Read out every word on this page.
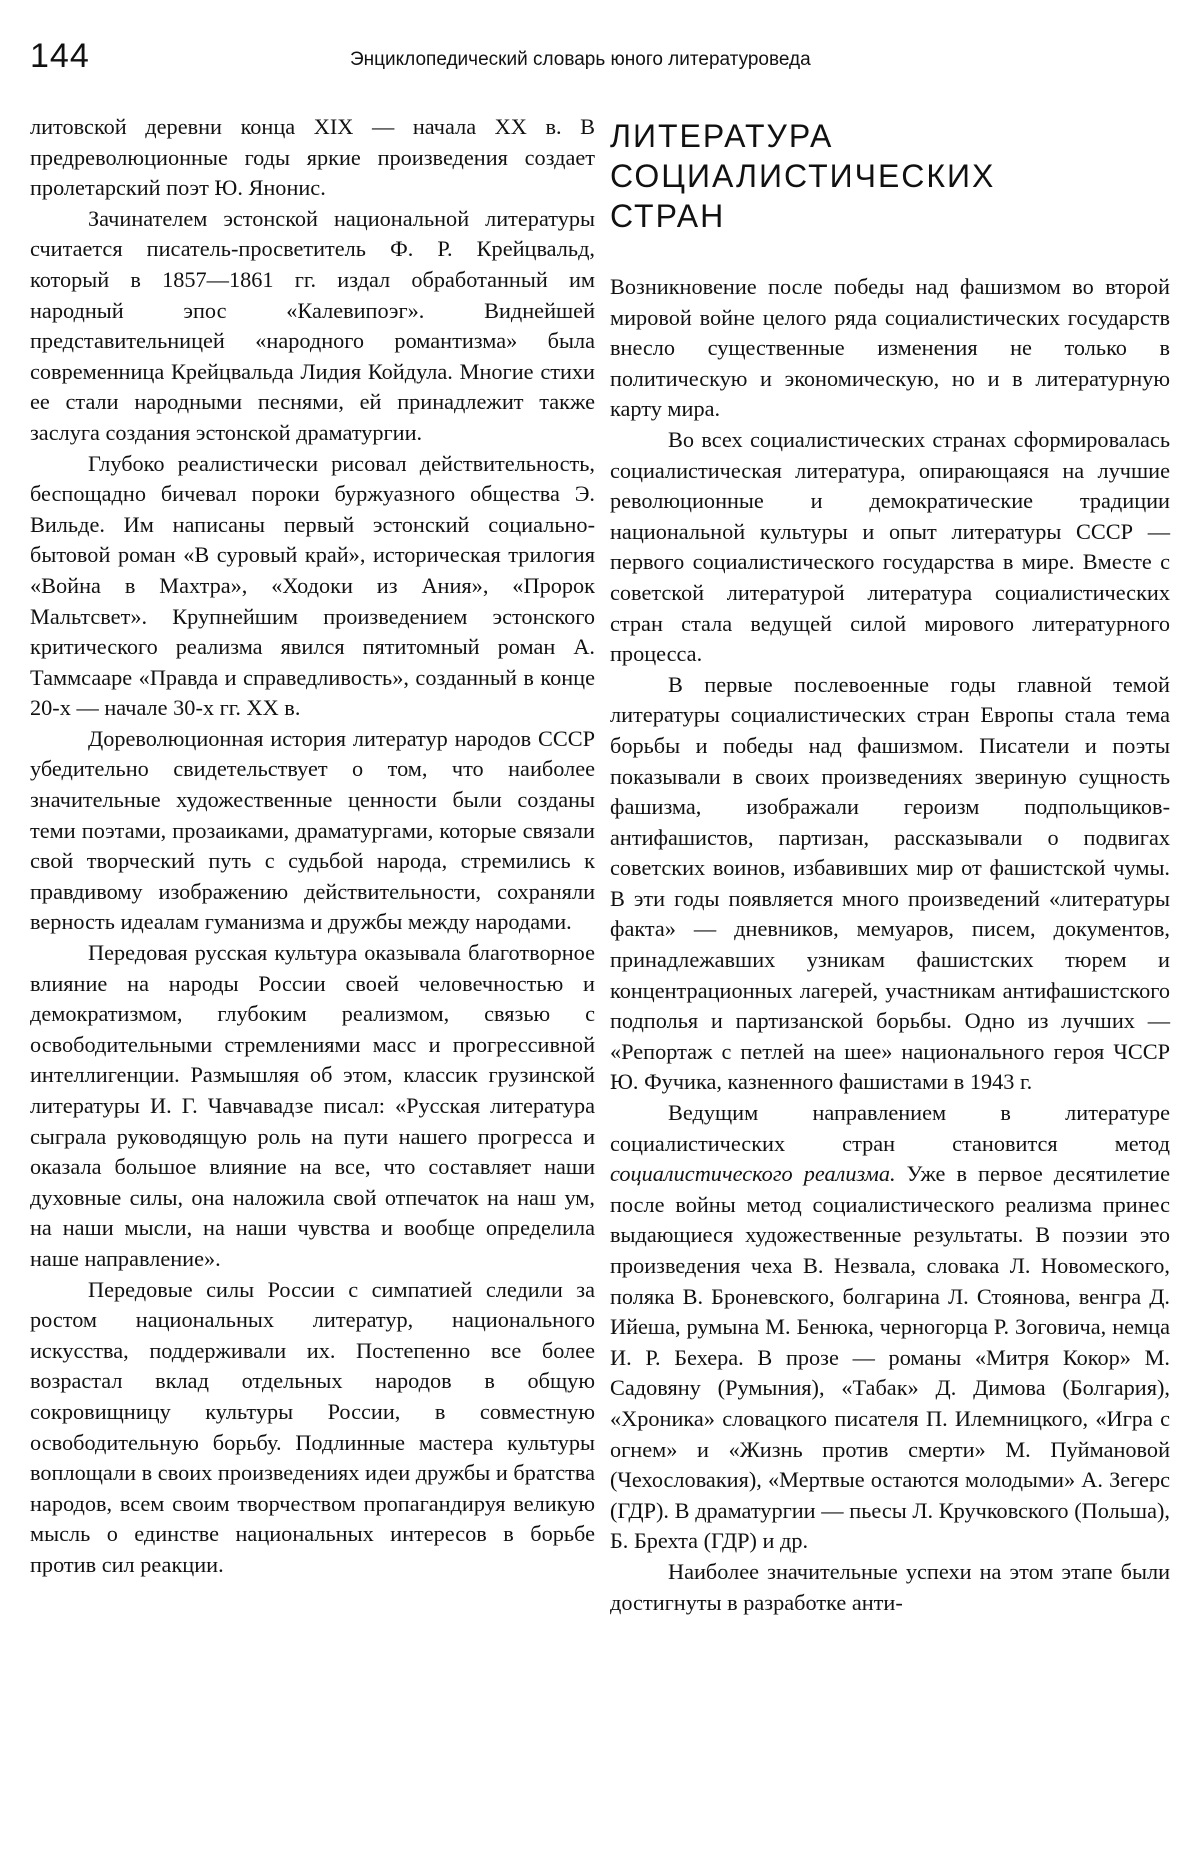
144	Энциклопедический словарь юного литературоведа

литовской деревни конца XIX — начала XX в. В предреволюционные годы яркие произведения создает пролетарский поэт Ю. Янонис.

Зачинателем эстонской национальной литературы считается писатель-просветитель Ф. Р. Крейцвальд, который в 1857—1861 гг. издал обработанный им народный эпос «Калевипоэг». Виднейшей представительницей «народного романтизма» была современница Крейцвальда Лидия Койдула. Многие стихи ее стали народными песнями, ей принадлежит также заслуга создания эстонской драматургии.

Глубоко реалистически рисовал действительность, беспощадно бичевал пороки буржуазного общества Э. Вильде. Им написаны первый эстонский социально-бытовой роман «В суровый край», историческая трилогия «Война в Махтра», «Ходоки из Ания», «Пророк Мальтсвет». Крупнейшим произведением эстонского критического реализма явился пятитомный роман А. Таммсааре «Правда и справедливость», созданный в конце 20-х — начале 30-х гг. XX в.

Дореволюционная история литератур народов СССР убедительно свидетельствует о том, что наиболее значительные художественные ценности были созданы теми поэтами, прозаиками, драматургами, которые связали свой творческий путь с судьбой народа, стремились к правдивому изображению действительности, сохраняли верность идеалам гуманизма и дружбы между народами.

Передовая русская культура оказывала благотворное влияние на народы России своей человечностью и демократизмом, глубоким реализмом, связью с освободительными стремлениями масс и прогрессивной интеллигенции. Размышляя об этом, классик грузинской литературы И. Г. Чавчавадзе писал: «Русская литература сыграла руководящую роль на пути нашего прогресса и оказала большое влияние на все, что составляет наши духовные силы, она наложила свой отпечаток на наш ум, на наши мысли, на наши чувства и вообще определила наше направление».

Передовые силы России с симпатией следили за ростом национальных литератур, национального искусства, поддерживали их. Постепенно все более возрастал вклад отдельных народов в общую сокровищницу культуры России, в совместную освободительную борьбу. Подлинные мастера культуры воплощали в своих произведениях идеи дружбы и братства народов, всем своим творчеством пропагандируя великую мысль о единстве национальных интересов в борьбе против сил реакции.

ЛИТЕРАТУРА
СОЦИАЛИСТИЧЕСКИХ
СТРАН

Возникновение после победы над фашизмом во второй мировой войне целого ряда социалистических государств внесло существенные изменения не только в политическую и экономическую, но и в литературную карту мира.

Во всех социалистических странах сформировалась социалистическая литература, опирающаяся на лучшие революционные и демократические традиции национальной культуры и опыт литературы СССР — первого социалистического государства в мире. Вместе с советской литературой литература социалистических стран стала ведущей силой мирового литературного процесса.

В первые послевоенные годы главной темой литературы социалистических стран Европы стала тема борьбы и победы над фашизмом. Писатели и поэты показывали в своих произведениях звериную сущность фашизма, изображали героизм подпольщиков-антифашистов, партизан, рассказывали о подвигах советских воинов, избавивших мир от фашистской чумы. В эти годы появляется много произведений «литературы факта» — дневников, мемуаров, писем, документов, принадлежавших узникам фашистских тюрем и концентрационных лагерей, участникам антифашистского подполья и партизанской борьбы. Одно из лучших — «Репортаж с петлей на шее» национального героя ЧССР Ю. Фучика, казненного фашистами в 1943 г.

Ведущим направлением в литературе социалистических стран становится метод социалистического реализма. Уже в первое десятилетие после войны метод социалистического реализма принес выдающиеся художественные результаты. В поэзии это произведения чеха В. Незвала, словака Л. Новомеского, поляка В. Броневского, болгарина Л. Стоянова, венгра Д. Ийеша, румына М. Бенюка, черногорца Р. Зоговича, немца И. Р. Бехера. В прозе — романы «Митря Кокор» М. Садовяну (Румыния), «Табак» Д. Димова (Болгария), «Хроника» словацкого писателя П. Илемницкого, «Игра с огнем» и «Жизнь против смерти» М. Пуймановой (Чехословакия), «Мертвые остаются молодыми» А. Зегерс (ГДР). В драматургии — пьесы Л. Кручковского (Польша), Б. Брехта (ГДР) и др.

Наиболее значительные успехи на этом этапе были достигнуты в разработке анти-
